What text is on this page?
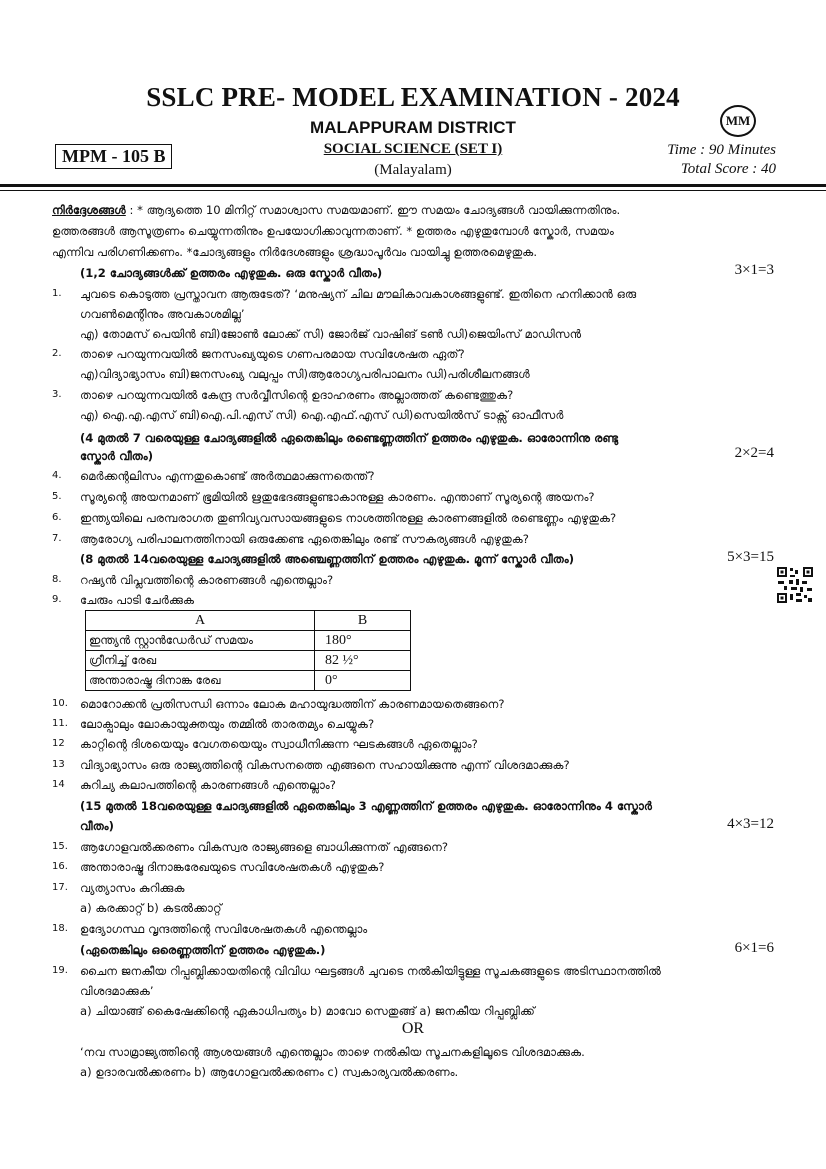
SSLC PRE- MODEL EXAMINATION - 2024
MALAPPURAM DISTRICT
SOCIAL SCIENCE (SET I)
(Malayalam)
MPM - 105 B
MM
Time : 90 Minutes
Total Score : 40
നിർദ്ദേശങ്ങൾ : * ആദ്യത്തെ 10 മിനിറ്റ് സമാശ്വാസ സമയമാണ്. ഈ സമയം ചോദ്യങ്ങൾ വായിക്കുന്നതിനും.
ഉത്തരങ്ങൾ ആസൂത്രണം ചെയ്യുന്നതിനും ഉപയോഗിക്കാവുന്നതാണ്. * ഉത്തരം എഴുതുമ്പോൾ സ്കോർ, സമയം
എന്നിവ പരിഗണിക്കണം. *ചോദ്യങ്ങളും നിർദേശങ്ങളും ശ്രദ്ധാപൂർവം വായിച്ചു ഉത്തരമെഴുതുക.
(1,2 ചോദ്യങ്ങൾക്ക് ഉത്തരം എഴുതുക. ഒരു സ്കോർ വീതം)	3×1=3
1. ചുവടെ കൊടുത്ത പ്രസ്താവന ആരുടേത്? ‘മനുഷ്യന് ചില മൗലികാവകാശങ്ങളുണ്ട്. ഇതിനെ ഹനിക്കാൻ ഒരു
ഗവൺമെന്റിനും അവകാശമില്ല’
എ) തോമസ് പെയിൻ ബി)ജോൺ ലോക്ക് സി) ജോർജ് വാഷിങ് ടൺ ഡി)ജെയിംസ് മാഡിസൻ
2. താഴെ പറയുന്നവയിൽ ജനസംഖ്യയുടെ ഗണപരമായ സവിശേഷത ഏത്?
എ)വിദ്യാഭ്യാസം ബി)ജനസംഖ്യ വലുപ്പം സി)ആരോഗ്യപരിപാലനം ഡി)പരിശീലനങ്ങൾ
3. താഴെ പറയുന്നവയിൽ കേന്ദ്ര സർവ്വീസിന്റെ ഉദാഹരണം അല്ലാത്തത് കണ്ടെത്തുക?
എ) ഐ.എ.എസ് ബി)ഐ.പി.എസ് സി) ഐ.എഫ്.എസ് ഡി)സെയിൽസ് ടാക്സ് ഓഫീസർ
(4 മുതൽ 7 വരെയുള്ള ചോദ്യങ്ങളിൽ ഏതെങ്കിലും രണ്ടെണ്ണത്തിന് ഉത്തരം എഴുതുക. ഓരോന്നിനു രണ്ടു
സ്കോർ വീതം)	2×2=4
4. മെർക്കന്റലിസം എന്നതുകൊണ്ട് അർത്ഥമാക്കുന്നതെന്ത്?
5. സൂര്യന്റെ അയനമാണ് ഭൂമിയിൽ ഋതുഭേദങ്ങളുണ്ടാകാനുള്ള കാരണം. എന്താണ് സൂര്യന്റെ അയനം?
6. ഇന്ത്യയിലെ പരമ്പരാഗത തുണിവ്യവസായങ്ങളുടെ നാശത്തിനുള്ള കാരണങ്ങളിൽ രണ്ടെണ്ണം എഴുതുക?
7. ആരോഗ്യ പരിപാലനത്തിനായി ഒരുക്കേണ്ട ഏതെങ്കിലും രണ്ട് സൗകര്യങ്ങൾ എഴുതുക?
(8 മുതൽ 14വരെയുള്ള ചോദ്യങ്ങളിൽ അഞ്ചെണ്ണത്തിന് ഉത്തരം എഴുതുക. മൂന്ന് സ്കോർ വീതം)	5×3=15
8. റഷ്യൻ വിപ്ലവത്തിന്റെ കാരണങ്ങൾ എന്തെല്ലാം?
9. ചേരും പാടി ചേർക്കുക
A	B
ഇന്ത്യൻ സ്റ്റാൻഡേർഡ് സമയം	180°
ഗ്രീനിച്ച് രേഖ	82 ½°
അന്താരാഷ്ട്ര ദിനാങ്ക രേഖ	0°
10. മൊറോക്കൻ പ്രതിസന്ധി ഒന്നാം ലോക മഹായുദ്ധത്തിന് കാരണമായതെങ്ങനെ?
11. ലോക്പാലും ലോകായുക്തയും തമ്മിൽ താരതമ്യം ചെയ്യുക?
12 കാറ്റിന്റെ ദിശയെയും വേഗതയെയും സ്വാധീനിക്കുന്ന ഘടകങ്ങൾ ഏതെല്ലാം?
13 വിദ്യാഭ്യാസം ഒരു രാജ്യത്തിന്റെ വികസനത്തെ എങ്ങനെ സഹായിക്കുന്നു എന്ന് വിശദമാക്കുക?
14 കുറിച്യ കലാപത്തിന്റെ കാരണങ്ങൾ എന്തെല്ലാം?
(15 മുതൽ 18വരെയുള്ള ചോദ്യങ്ങളിൽ ഏതെങ്കിലും 3 എണ്ണത്തിന് ഉത്തരം എഴുതുക. ഓരോന്നിനും 4 സ്കോർ
വീതം)	4×3=12
15. ആഗോളവൽക്കരണം വികസ്വര രാജ്യങ്ങളെ ബാധിക്കുന്നത് എങ്ങനെ?
16. അന്താരാഷ്ട്ര ദിനാങ്കരേഖയുടെ സവിശേഷതകൾ എഴുതുക?
17. വ്യത്യാസം കുറിക്കുക
a) കരക്കാറ്റ് b) കടൽക്കാറ്റ്
18. ഉദ്യോഗസ്ഥ വൃന്ദത്തിന്റെ സവിശേഷതകൾ എന്തെല്ലാം
(ഏതെങ്കിലും ഒരെണ്ണത്തിന് ഉത്തരം എഴുതുക.)	6×1=6
19. ചൈന ജനകീയ റിപ്പബ്ലിക്കായതിന്റെ വിവിധ ഘട്ടങ്ങൾ ചുവടെ നൽകിയിട്ടുള്ള സൂചകങ്ങളുടെ അടിസ്ഥാനത്തിൽ
വിശദമാക്കുക’
a) ചിയാങ്ങ് കൈഷേക്കിന്റെ ഏകാധിപത്യം b) മാവോ സെതുങ്ങ് a) ജനകീയ റിപ്പബ്ലിക്ക്
OR
‘നവ സാമ്രാജ്യത്തിന്റെ ആശയങ്ങൾ എന്തെല്ലാം താഴെ നൽകിയ സൂചനകളിലൂടെ വിശദമാക്കുക.
a) ഉദാരവൽക്കരണം b) ആഗോളവൽക്കരണം c) സ്വകാര്യവൽക്കരണം.
